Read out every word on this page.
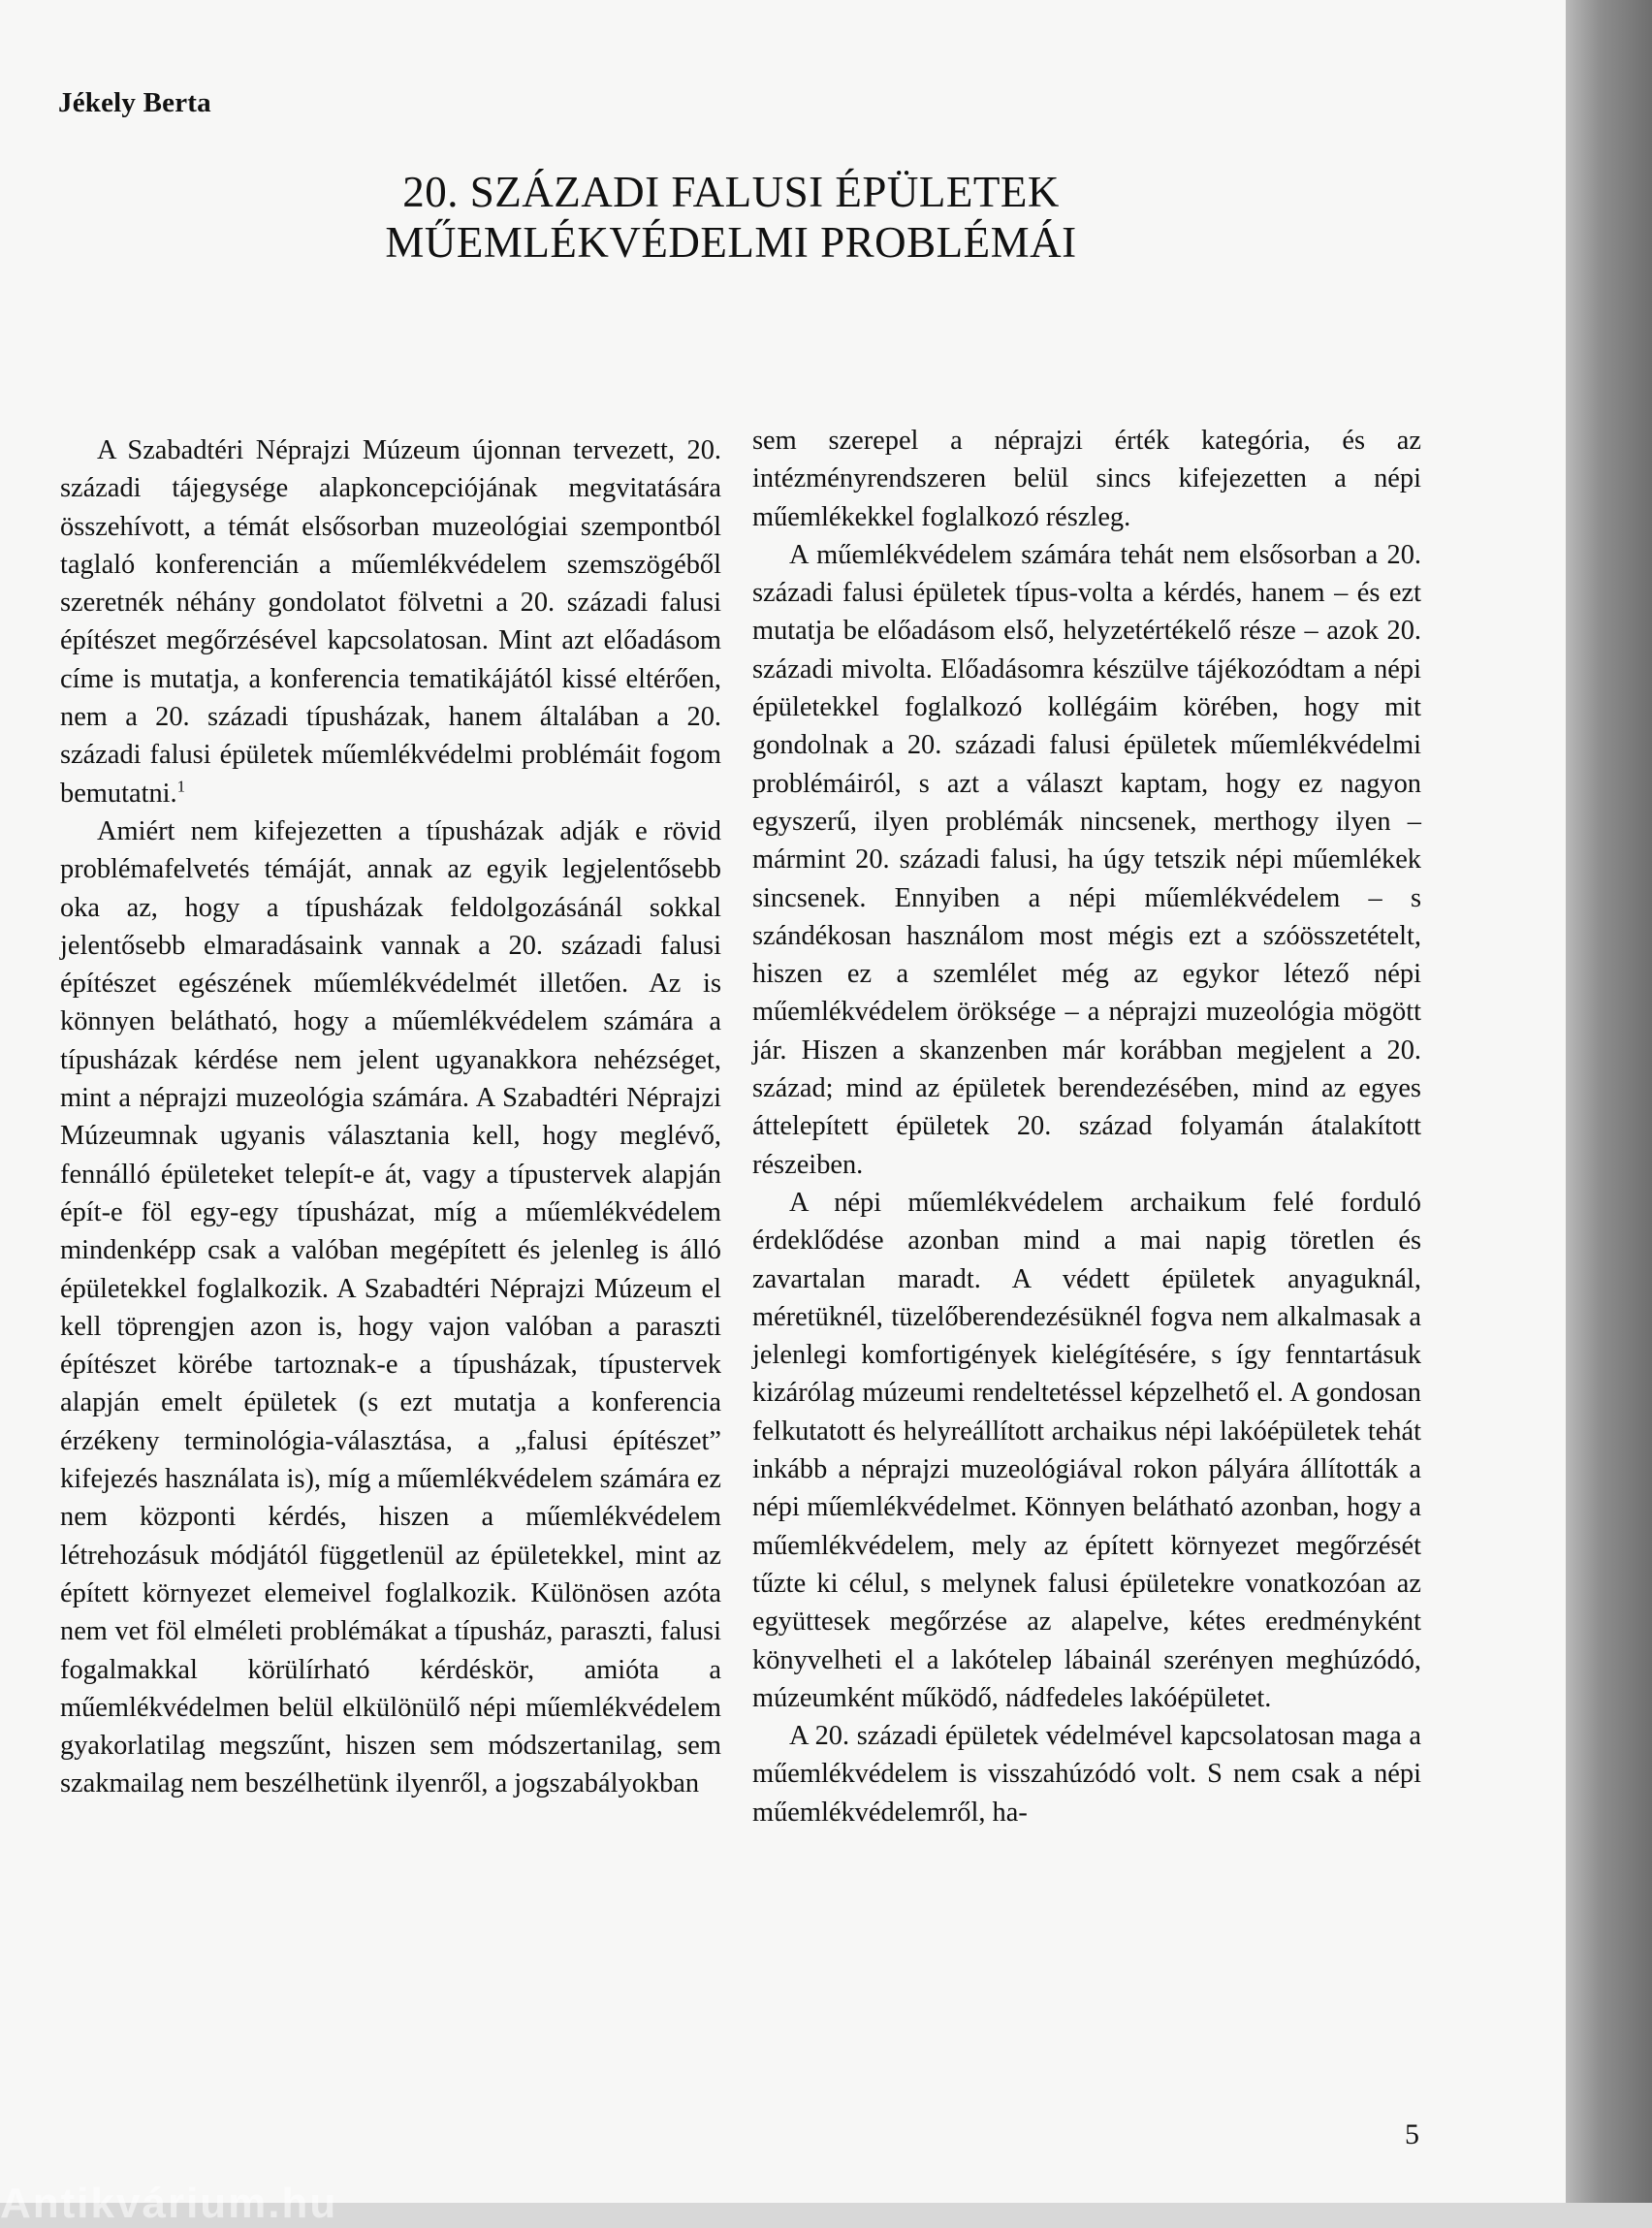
Jékely Berta
20. SZÁZADI FALUSI ÉPÜLETEK
MŰEMLÉKVÉDELMI PROBLÉMÁI

A Szabadtéri Néprajzi Múzeum újonnan tervezett, 20. századi tájegysége alapkoncepciójának megvitatására összehívott, a témát elsősorban muzeológiai szempontból taglaló konferencián a műemlékvédelem szemszögéből szeretnék néhány gondolatot fölvetni a 20. századi falusi építészet megőrzésével kapcsolatosan. Mint azt előadásom címe is mutatja, a konferencia tematikájától kissé eltérően, nem a 20. századi típusházak, hanem általában a 20. századi falusi épületek műemlékvédelmi problémáit fogom bemutatni.$^1$

Amiért nem kifejezetten a típusházak adják e rövid problémafelvetés témáját, annak az egyik legjelentősebb oka az, hogy a típusházak feldolgozásánál sokkal jelentősebb elmaradásaink vannak a 20. századi falusi építészet egészének műemlékvédelmét illetően. Az is könnyen belátható, hogy a műemlékvédelem számára a típusházak kérdése nem jelent ugyanakkora nehézséget, mint a néprajzi muzeológia számára. A Szabadtéri Néprajzi Múzeumnak ugyanis választania kell, hogy meglévő, fennálló épületeket telepít-e át, vagy a típustervek alapján épít-e föl egy-egy típusházat, míg a műemlékvédelem mindenképp csak a valóban megépített és jelenleg is álló épületekkel foglalkozik. A Szabadtéri Néprajzi Múzeum el kell töprengjen azon is, hogy vajon valóban a paraszti építészet körébe tartoznak-e a típusházak, típustervek alapján emelt épületek (s ezt mutatja a konferencia érzékeny terminológia-választása, a „falusi építészet” kifejezés használata is), míg a műemlékvédelem számára ez nem központi kérdés, hiszen a műemlékvédelem létrehozásuk módjától függetlenül az épületekkel, mint az épített környezet elemeivel foglalkozik. Különösen azóta nem vet föl elméleti problémákat a típusház, paraszti, falusi fogalmakkal körülírható kérdéskör, amióta a műemlékvédelmen belül elkülönülő népi műemlékvédelem gyakorlatilag megszűnt, hiszen sem módszertanilag, sem szakmailag nem beszélhetünk ilyenről, a jogszabályokban

sem szerepel a néprajzi érték kategória, és az intézményrendszeren belül sincs kifejezetten a népi műemlékekkel foglalkozó részleg.

A műemlékvédelem számára tehát nem elsősorban a 20. századi falusi épületek típus-volta a kérdés, hanem – és ezt mutatja be előadásom első, helyzetértékelő része – azok 20. századi mivolta. Előadásomra készülve tájékozódtam a népi épületekkel foglalkozó kollégáim körében, hogy mit gondolnak a 20. századi falusi épületek műemlékvédelmi problémáiról, s azt a választ kaptam, hogy ez nagyon egyszerű, ilyen problémák nincsenek, merthogy ilyen – mármint 20. századi falusi, ha úgy tetszik népi műemlékek sincsenek. Ennyiben a népi műemlékvédelem – s szándékosan használom most mégis ezt a szóösszetételt, hiszen ez a szemlélet még az egykor létező népi műemlékvédelem öröksége – a néprajzi muzeológia mögött jár. Hiszen a skanzenben már korábban megjelent a 20. század; mind az épületek berendezésében, mind az egyes áttelepített épületek 20. század folyamán átalakított részeiben.

A népi műemlékvédelem archaikum felé forduló érdeklődése azonban mind a mai napig töretlen és zavartalan maradt. A védett épületek anyaguknál, méretüknél, tüzelőberendezésüknél fogva nem alkalmasak a jelenlegi komfortigények kielégítésére, s így fenntartásuk kizárólag múzeumi rendeltetéssel képzelhető el. A gondosan felkutatott és helyreállított archaikus népi lakóépületek tehát inkább a néprajzi muzeológiával rokon pályára állították a népi műemlékvédelmet. Könnyen belátható azonban, hogy a műemlékvédelem, mely az épített környezet megőrzését tűzte ki célul, s melynek falusi épületekre vonatkozóan az együttesek megőrzése az alapelve, kétes eredményként könyvelheti el a lakótelep lábainál szerényen meghúzódó, múzeumként működő, nádfedeles lakóépületet.

A 20. századi épületek védelmével kapcsolatosan maga a műemlékvédelem is visszahúzódó volt. S nem csak a népi műemlékvédelemről, ha-

5
Antikvárium.hu
